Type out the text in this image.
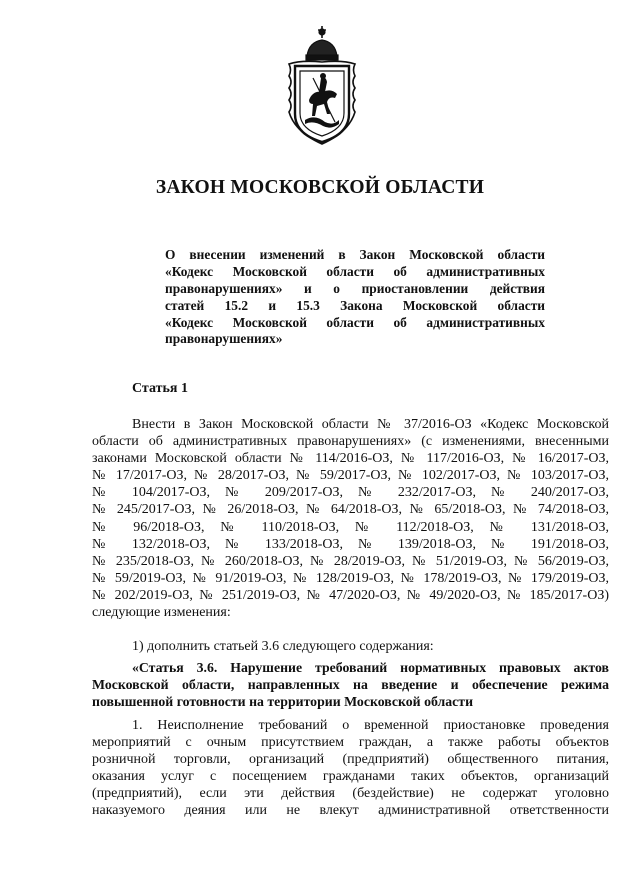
ЗАКОН МОСКОВСКОЙ ОБЛАСТИ
О внесении изменений в Закон Московской области
«Кодекс Московской области об административных
правонарушениях» и о приостановлении действия
статей 15.2 и 15.3 Закона Московской области
«Кодекс Московской области об административных
правонарушениях»
Статья 1
Внести в Закон Московской области № 37/2016-ОЗ «Кодекс Московской
области об административных правонарушениях» (с изменениями, внесенными
законами Московской области № 114/2016-ОЗ, № 117/2016-ОЗ, № 16/2017-ОЗ,
№ 17/2017-ОЗ, № 28/2017-ОЗ, № 59/2017-ОЗ, № 102/2017-ОЗ, № 103/2017-ОЗ,
№ 104/2017-ОЗ, № 209/2017-ОЗ, № 232/2017-ОЗ, № 240/2017-ОЗ,
№ 245/2017-ОЗ, № 26/2018-ОЗ, № 64/2018-ОЗ, № 65/2018-ОЗ, № 74/2018-ОЗ,
№ 96/2018-ОЗ, № 110/2018-ОЗ, № 112/2018-ОЗ, № 131/2018-ОЗ,
№ 132/2018-ОЗ, № 133/2018-ОЗ, № 139/2018-ОЗ, № 191/2018-ОЗ,
№ 235/2018-ОЗ, № 260/2018-ОЗ, № 28/2019-ОЗ, № 51/2019-ОЗ, № 56/2019-ОЗ,
№ 59/2019-ОЗ, № 91/2019-ОЗ, № 128/2019-ОЗ, № 178/2019-ОЗ, № 179/2019-ОЗ,
№ 202/2019-ОЗ, № 251/2019-ОЗ, № 47/2020-ОЗ, № 49/2020-ОЗ, № 185/2017-ОЗ)
следующие изменения:
1) дополнить статьей 3.6 следующего содержания:
«Статья 3.6. Нарушение требований нормативных правовых актов
Московской области, направленных на введение и обеспечение режима
повышенной готовности на территории Московской области
1. Неисполнение требований о временной приостановке проведения
мероприятий с очным присутствием граждан, а также работы объектов
розничной торговли, организаций (предприятий) общественного питания,
оказания услуг с посещением гражданами таких объектов, организаций
(предприятий), если эти действия (бездействие) не содержат уголовно
наказуемого деяния или не влекут административной ответственности
